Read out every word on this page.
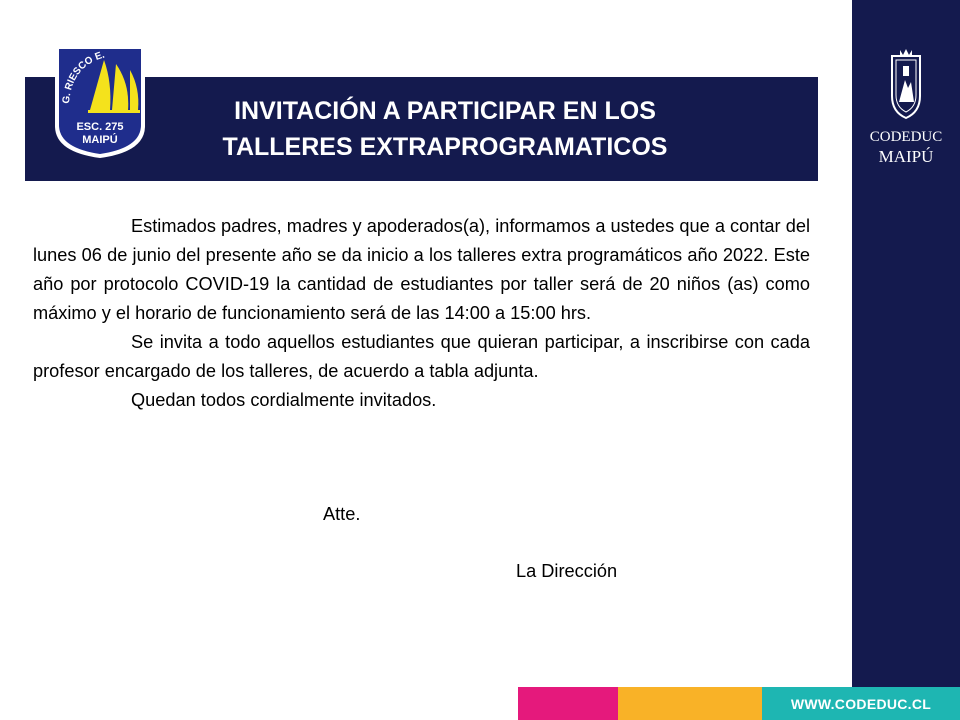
INVITACIÓN A PARTICIPAR EN LOS
TALLERES EXTRAPROGRAMATICOS
G. RIESCO E.
ESC. 275
MAIPÚ	CODEDUC
MAIPÚ

Estimados padres, madres y apoderados(a), informamos a ustedes que a contar del lunes 06 de junio del presente año se da inicio a los talleres extra programáticos año 2022. Este año por protocolo COVID-19 la cantidad de estudiantes por taller será de 20 niños (as) como máximo y el horario de funcionamiento será de las 14:00 a 15:00 hrs.

Se invita a todo aquellos estudiantes que quieran participar, a inscribirse con cada profesor encargado de los talleres, de acuerdo a tabla adjunta.

Quedan todos cordialmente invitados.

Atte.
La Dirección
WWW.CODEDUC.CL
